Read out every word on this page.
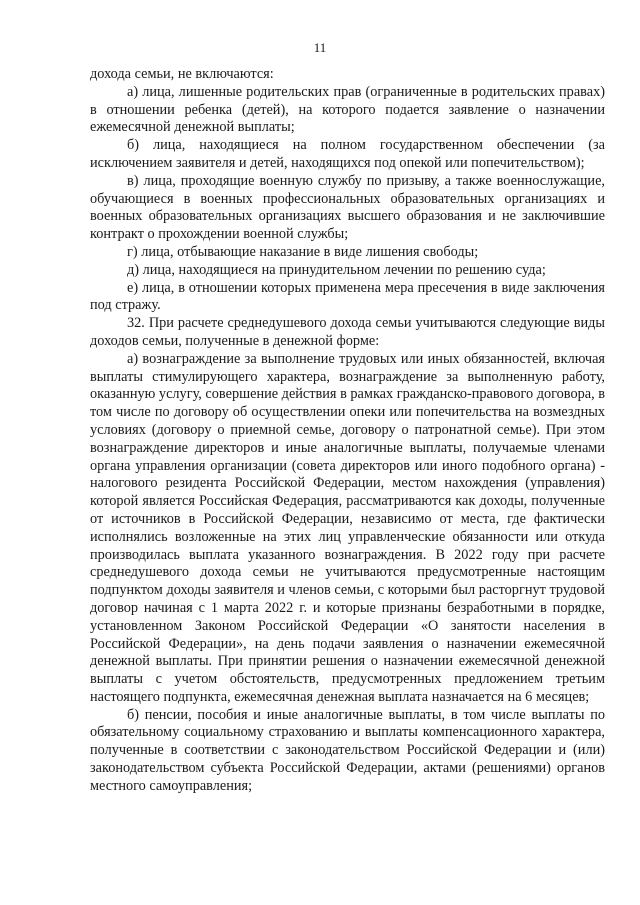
11

дохода семьи, не включаются:

а) лица, лишенные родительских прав (ограниченные в родительских правах) в отношении ребенка (детей), на которого подается заявление о назначении ежемесячной денежной выплаты;

б) лица, находящиеся на полном государственном обеспечении (за исключением заявителя и детей, находящихся под опекой или попечительством);

в) лица, проходящие военную службу по призыву, а также военнослужащие, обучающиеся в военных профессиональных образовательных организациях и военных образовательных организациях высшего образования и не заключившие контракт о прохождении военной службы;

г) лица, отбывающие наказание в виде лишения свободы;

д) лица, находящиеся на принудительном лечении по решению суда;

е) лица, в отношении которых применена мера пресечения в виде заключения под стражу.

32. При расчете среднедушевого дохода семьи учитываются следующие виды доходов семьи, полученные в денежной форме:

а) вознаграждение за выполнение трудовых или иных обязанностей, включая выплаты стимулирующего характера, вознаграждение за выполненную работу, оказанную услугу, совершение действия в рамках гражданско-правового договора, в том числе по договору об осуществлении опеки или попечительства на возмездных условиях (договору о приемной семье, договору о патронатной семье). При этом вознаграждение директоров и иные аналогичные выплаты, получаемые членами органа управления организации (совета директоров или иного подобного органа) - налогового резидента Российской Федерации, местом нахождения (управления) которой является Российская Федерация, рассматриваются как доходы, полученные от источников в Российской Федерации, независимо от места, где фактически исполнялись возложенные на этих лиц управленческие обязанности или откуда производилась выплата указанного вознаграждения. В 2022 году при расчете среднедушевого дохода семьи не учитываются предусмотренные настоящим подпунктом доходы заявителя и членов семьи, с которыми был расторгнут трудовой договор начиная с 1 марта 2022 г. и которые признаны безработными в порядке, установленном Законом Российской Федерации «О занятости населения в Российской Федерации», на день подачи заявления о назначении ежемесячной денежной выплаты. При принятии решения о назначении ежемесячной денежной выплаты с учетом обстоятельств, предусмотренных предложением третьим настоящего подпункта, ежемесячная денежная выплата назначается на 6 месяцев;

б) пенсии, пособия и иные аналогичные выплаты, в том числе выплаты по обязательному социальному страхованию и выплаты компенсационного характера, полученные в соответствии с законодательством Российской Федерации и (или) законодательством субъекта Российской Федерации, актами (решениями) органов местного самоуправления;
